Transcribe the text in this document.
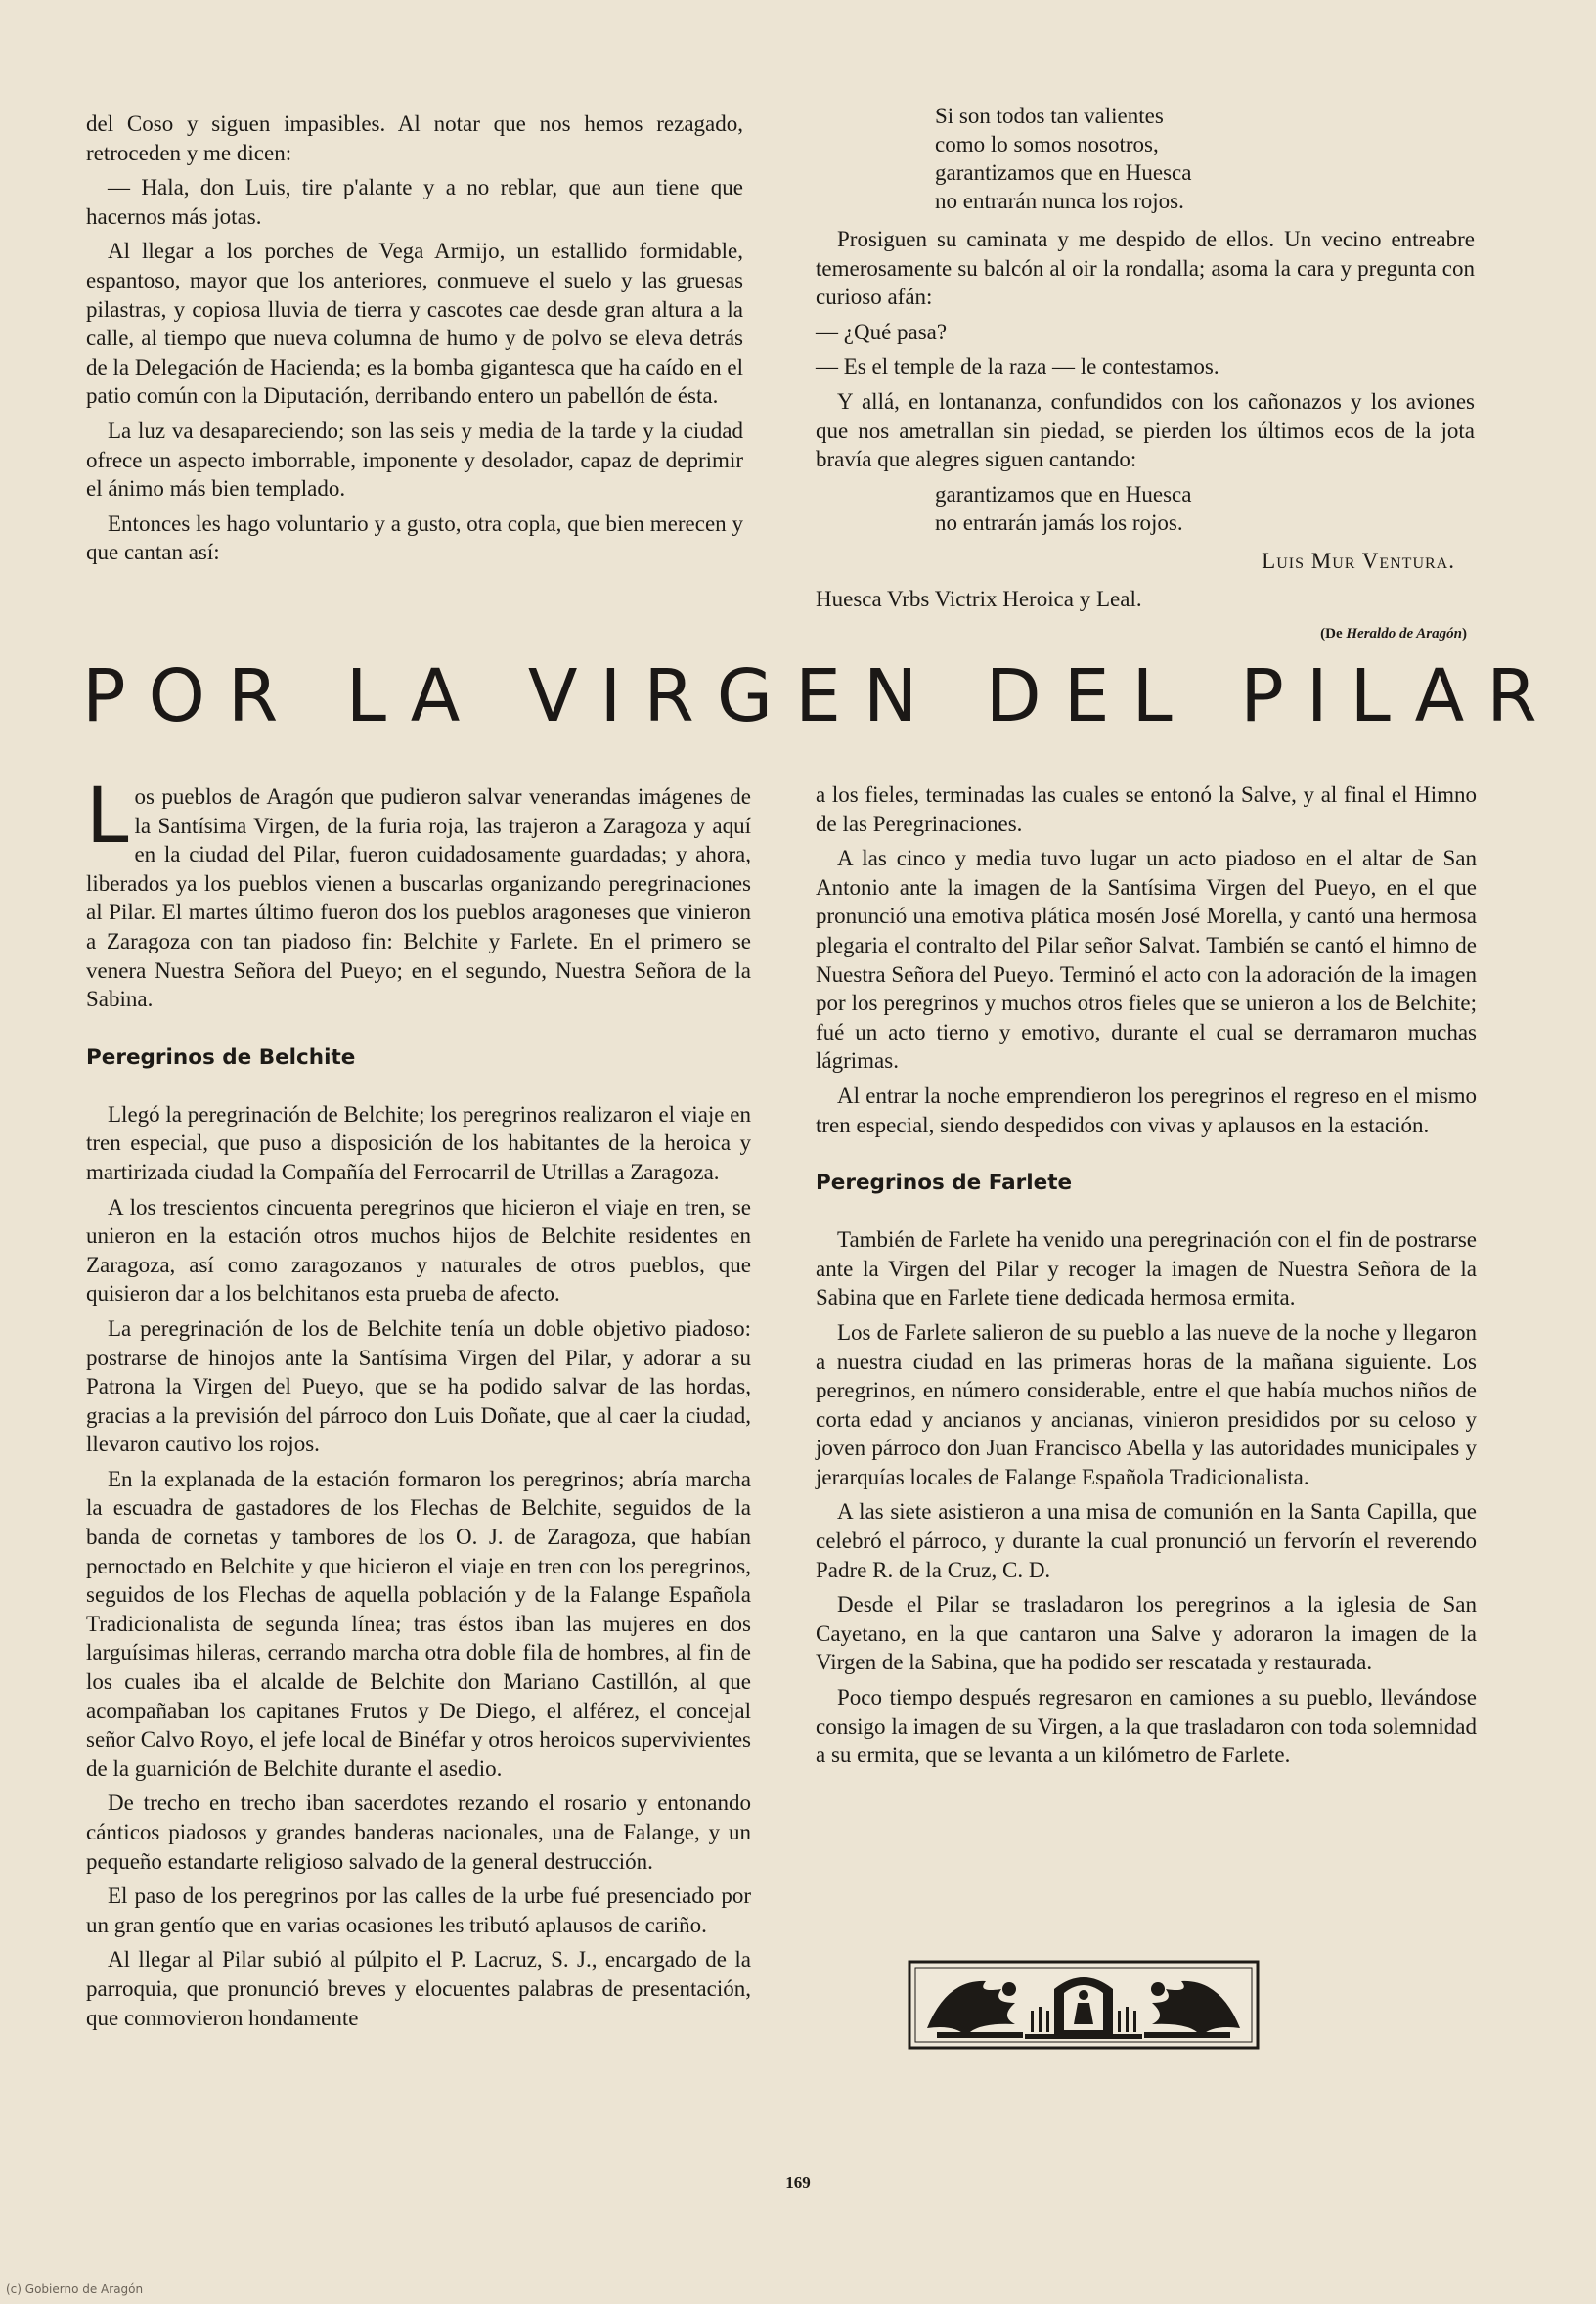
del Coso y siguen impasibles. Al notar que nos hemos rezagado, retroceden y me dicen:

— Hala, don Luis, tire p'alante y a no reblar, que aun tiene que hacernos más jotas.

Al llegar a los porches de Vega Armijo, un estallido formidable, espantoso, mayor que los anteriores, conmueve el suelo y las gruesas pilastras, y copiosa lluvia de tierra y cascotes cae desde gran altura a la calle, al tiempo que nueva columna de humo y de polvo se eleva detrás de la Delegación de Hacienda; es la bomba gigantesca que ha caído en el patio común con la Diputación, derribando entero un pabellón de ésta.

La luz va desapareciendo; son las seis y media de la tarde y la ciudad ofrece un aspecto imborrable, imponente y desolador, capaz de deprimir el ánimo más bien templado.

Entonces les hago voluntario y a gusto, otra copla, que bien merecen y que cantan así:

Si son todos tan valientes
como lo somos nosotros,
garantizamos que en Huesca
no entrarán nunca los rojos.

Prosiguen su caminata y me despido de ellos. Un vecino entreabre temerosamente su balcón al oir la rondalla; asoma la cara y pregunta con curioso afán:

— ¿Qué pasa?

— Es el temple de la raza — le contestamos.

Y allá, en lontananza, confundidos con los cañonazos y los aviones que nos ametrallan sin piedad, se pierden los últimos ecos de la jota bravía que alegres siguen cantando:

garantizamos que en Huesca
no entrarán jamás los rojos.
Luis Mur Ventura.
Huesca Vrbs Victrix Heroica y Leal.
(De Heraldo de Aragón)
POR LA VIRGEN DEL PILAR

Los pueblos de Aragón que pudieron salvar venerandas imágenes de la Santísima Virgen, de la furia roja, las trajeron a Zaragoza y aquí en la ciudad del Pilar, fueron cuidadosamente guardadas; y ahora, liberados ya los pueblos vienen a buscarlas organizando peregrinaciones al Pilar. El martes último fueron dos los pueblos aragoneses que vinieron a Zaragoza con tan piadoso fin: Belchite y Farlete. En el primero se venera Nuestra Señora del Pueyo; en el segundo, Nuestra Señora de la Sabina.

Peregrinos de Belchite

Llegó la peregrinación de Belchite; los peregrinos realizaron el viaje en tren especial, que puso a disposición de los habitantes de la heroica y martirizada ciudad la Compañía del Ferrocarril de Utrillas a Zaragoza.

A los trescientos cincuenta peregrinos que hicieron el viaje en tren, se unieron en la estación otros muchos hijos de Belchite residentes en Zaragoza, así como zaragozanos y naturales de otros pueblos, que quisieron dar a los belchitanos esta prueba de afecto.

La peregrinación de los de Belchite tenía un doble objetivo piadoso: postrarse de hinojos ante la Santísima Virgen del Pilar, y adorar a su Patrona la Virgen del Pueyo, que se ha podido salvar de las hordas, gracias a la previsión del párroco don Luis Doñate, que al caer la ciudad, llevaron cautivo los rojos.

En la explanada de la estación formaron los peregrinos; abría marcha la escuadra de gastadores de los Flechas de Belchite, seguidos de la banda de cornetas y tambores de los O. J. de Zaragoza, que habían pernoctado en Belchite y que hicieron el viaje en tren con los peregrinos, seguidos de los Flechas de aquella población y de la Falange Española Tradicionalista de segunda línea; tras éstos iban las mujeres en dos larguísimas hileras, cerrando marcha otra doble fila de hombres, al fin de los cuales iba el alcalde de Belchite don Mariano Castillón, al que acompañaban los capitanes Frutos y De Diego, el alférez, el concejal señor Calvo Royo, el jefe local de Binéfar y otros heroicos supervivientes de la guarnición de Belchite durante el asedio.

De trecho en trecho iban sacerdotes rezando el rosario y entonando cánticos piadosos y grandes banderas nacionales, una de Falange, y un pequeño estandarte religioso salvado de la general destrucción.

El paso de los peregrinos por las calles de la urbe fué presenciado por un gran gentío que en varias ocasiones les tributó aplausos de cariño.

Al llegar al Pilar subió al púlpito el P. Lacruz, S. J., encargado de la parroquia, que pronunció breves y elocuentes palabras de presentación, que conmovieron hondamente

a los fieles, terminadas las cuales se entonó la Salve, y al final el Himno de las Peregrinaciones.

A las cinco y media tuvo lugar un acto piadoso en el altar de San Antonio ante la imagen de la Santísima Virgen del Pueyo, en el que pronunció una emotiva plática mosén José Morella, y cantó una hermosa plegaria el contralto del Pilar señor Salvat. También se cantó el himno de Nuestra Señora del Pueyo. Terminó el acto con la adoración de la imagen por los peregrinos y muchos otros fieles que se unieron a los de Belchite; fué un acto tierno y emotivo, durante el cual se derramaron muchas lágrimas.

Al entrar la noche emprendieron los peregrinos el regreso en el mismo tren especial, siendo despedidos con vivas y aplausos en la estación.

Peregrinos de Farlete

También de Farlete ha venido una peregrinación con el fin de postrarse ante la Virgen del Pilar y recoger la imagen de Nuestra Señora de la Sabina que en Farlete tiene dedicada hermosa ermita.

Los de Farlete salieron de su pueblo a las nueve de la noche y llegaron a nuestra ciudad en las primeras horas de la mañana siguiente. Los peregrinos, en número considerable, entre el que había muchos niños de corta edad y ancianos y ancianas, vinieron presididos por su celoso y joven párroco don Juan Francisco Abella y las autoridades municipales y jerarquías locales de Falange Española Tradicionalista.

A las siete asistieron a una misa de comunión en la Santa Capilla, que celebró el párroco, y durante la cual pronunció un fervorín el reverendo Padre R. de la Cruz, C. D.

Desde el Pilar se trasladaron los peregrinos a la iglesia de San Cayetano, en la que cantaron una Salve y adoraron la imagen de la Virgen de la Sabina, que ha podido ser rescatada y restaurada.

Poco tiempo después regresaron en camiones a su pueblo, llevándose consigo la imagen de su Virgen, a la que trasladaron con toda solemnidad a su ermita, que se levanta a un kilómetro de Farlete.

169
(c) Gobierno de Aragón
